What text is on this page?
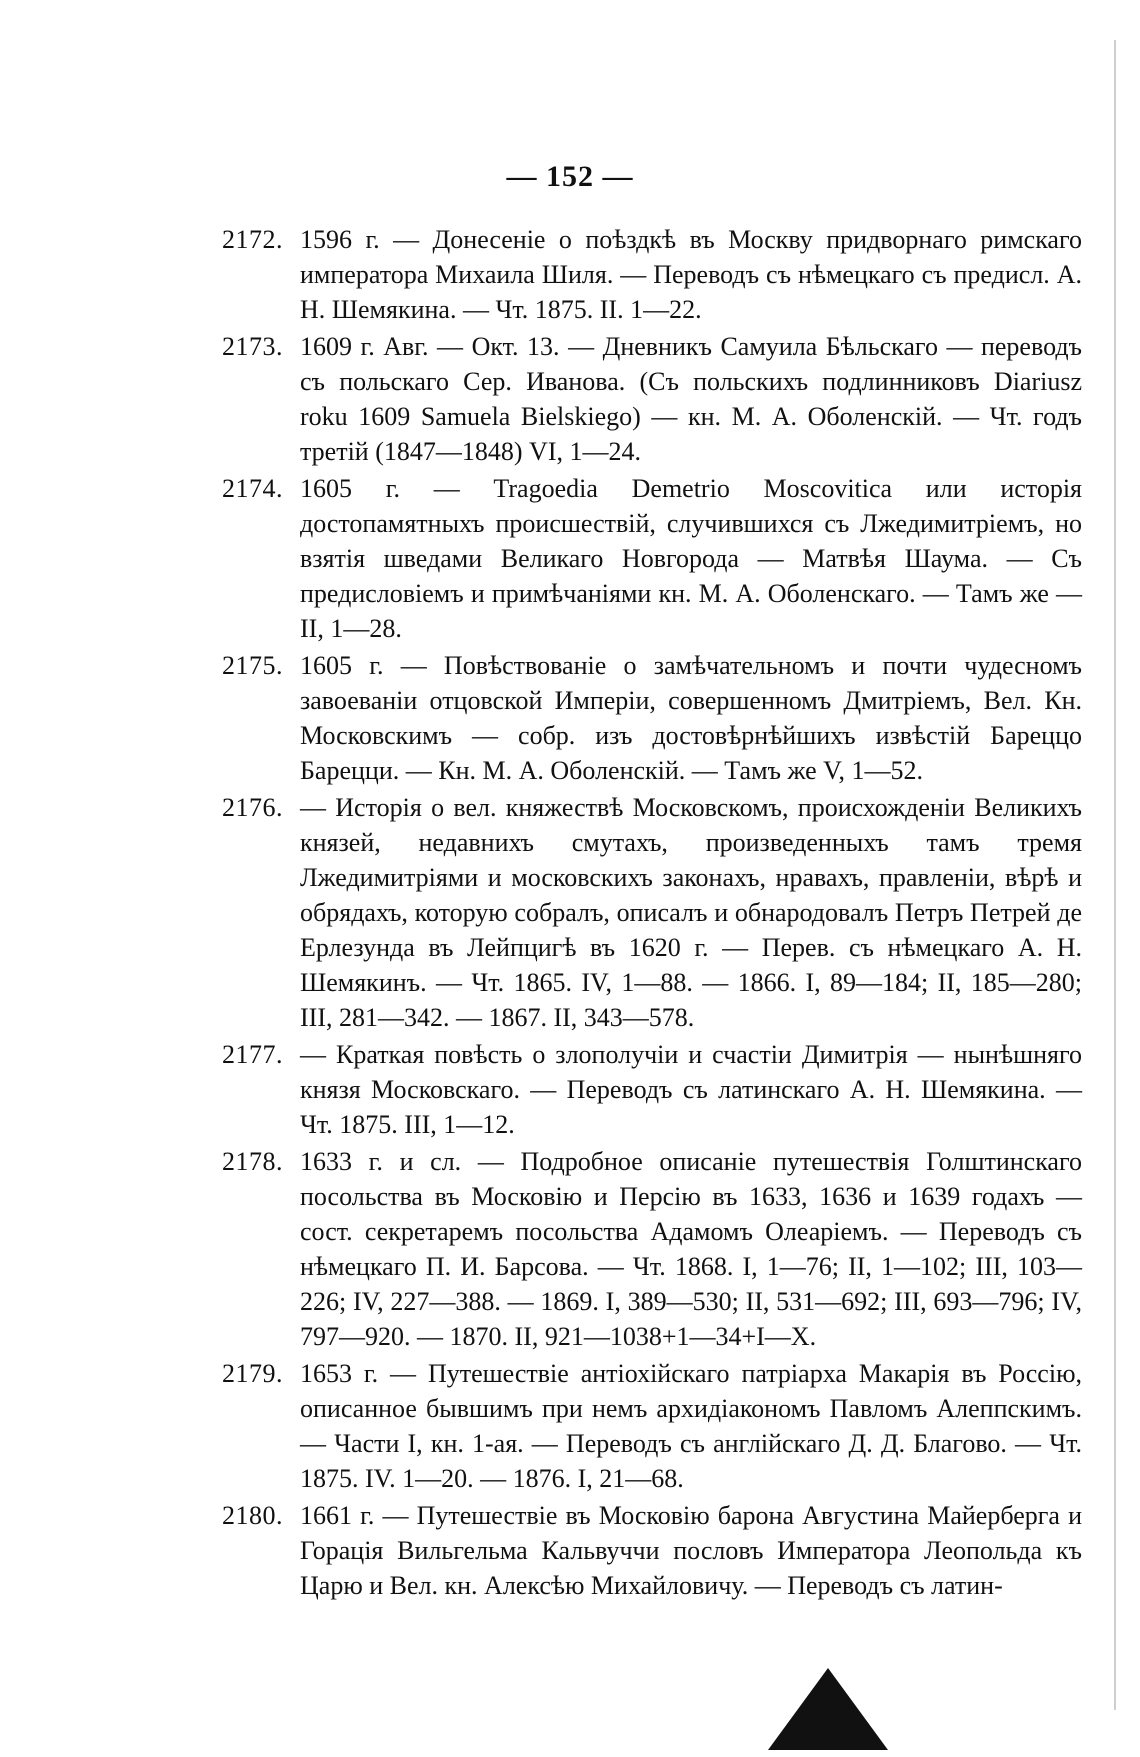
— 152 —
2172. 1596 г. — Донесеніе о поѣздкѣ въ Москву придворнаго римскаго императора Михаила Шиля. — Переводъ съ нѣмецкаго съ предисл. А. Н. Шемякина. — Чт. 1875. II. 1—22.
2173. 1609 г. Авг. — Окт. 13. — Дневникъ Самуила Бѣльскаго — переводъ съ польскаго Сер. Иванова. (Съ польскихъ подлинниковъ Diariusz roku 1609 Samuela Bielskiego) — кн. М. А. Оболенскій. — Чт. годъ третій (1847—1848) VI, 1—24.
2174. 1605 г. — Tragoedia Demetrio Moscovitica или исторія достопамятныхъ происшествій, случившихся съ Лжедимитріемъ, но взятія шведами Великаго Новгорода — Матвѣя Шаума. — Съ предисловіемъ и примѣчаніями кн. М. А. Оболенскаго. — Тамъ же — II, 1—28.
2175. 1605 г. — Повѣствованіе о замѣчательномъ и почти чудесномъ завоеваніи отцовской Имперіи, совершенномъ Дмитріемъ, Вел. Кн. Московскимъ — собр. изъ достовѣрнѣйшихъ извѣстій Бареццо Барецци. — Кн. М. А. Оболенскій. — Тамъ же V, 1—52.
2176. — Исторія о вел. княжествѣ Московскомъ, происхожденіи Великихъ князей, недавнихъ смутахъ, произведенныхъ тамъ тремя Лжедимитріями и московскихъ законахъ, нравахъ, правленіи, вѣрѣ и обрядахъ, которую собралъ, описалъ и обнародовалъ Петръ Петрей де Ерлезунда въ Лейпцигѣ въ 1620 г. — Перев. съ нѣмецкаго А. Н. Шемякинъ. — Чт. 1865. IV, 1—88. — 1866. I, 89—184; II, 185—280; III, 281—342. — 1867. II, 343—578.
2177. — Краткая повѣсть о злополучіи и счастіи Димитрія — нынѣшняго князя Московскаго. — Переводъ съ латинскаго А. Н. Шемякина. — Чт. 1875. III, 1—12.
2178. 1633 г. и сл. — Подробное описаніе путешествія Голштинскаго посольства въ Московію и Персію въ 1633, 1636 и 1639 годахъ — сост. секретаремъ посольства Адамомъ Олеаріемъ. — Переводъ съ нѣмецкаго П. И. Барсова. — Чт. 1868. I, 1—76; II, 1—102; III, 103—226; IV, 227—388. — 1869. I, 389—530; II, 531—692; III, 693—796; IV, 797—920. — 1870. II, 921—1038+1—34+I—X.
2179. 1653 г. — Путешествіе антіохійскаго патріарха Макарія въ Россію, описанное бывшимъ при немъ архидіакономъ Павломъ Алеппскимъ. — Части I, кн. 1-ая. — Переводъ съ англійскаго Д. Д. Благово. — Чт. 1875. IV. 1—20. — 1876. I, 21—68.
2180. 1661 г. — Путешествіе въ Московію барона Августина Майерберга и Горація Вильгельма Кальвуччи пословъ Императора Леопольда къ Царю и Вел. кн. Алексѣю Михайловичу. — Переводъ съ латин-
